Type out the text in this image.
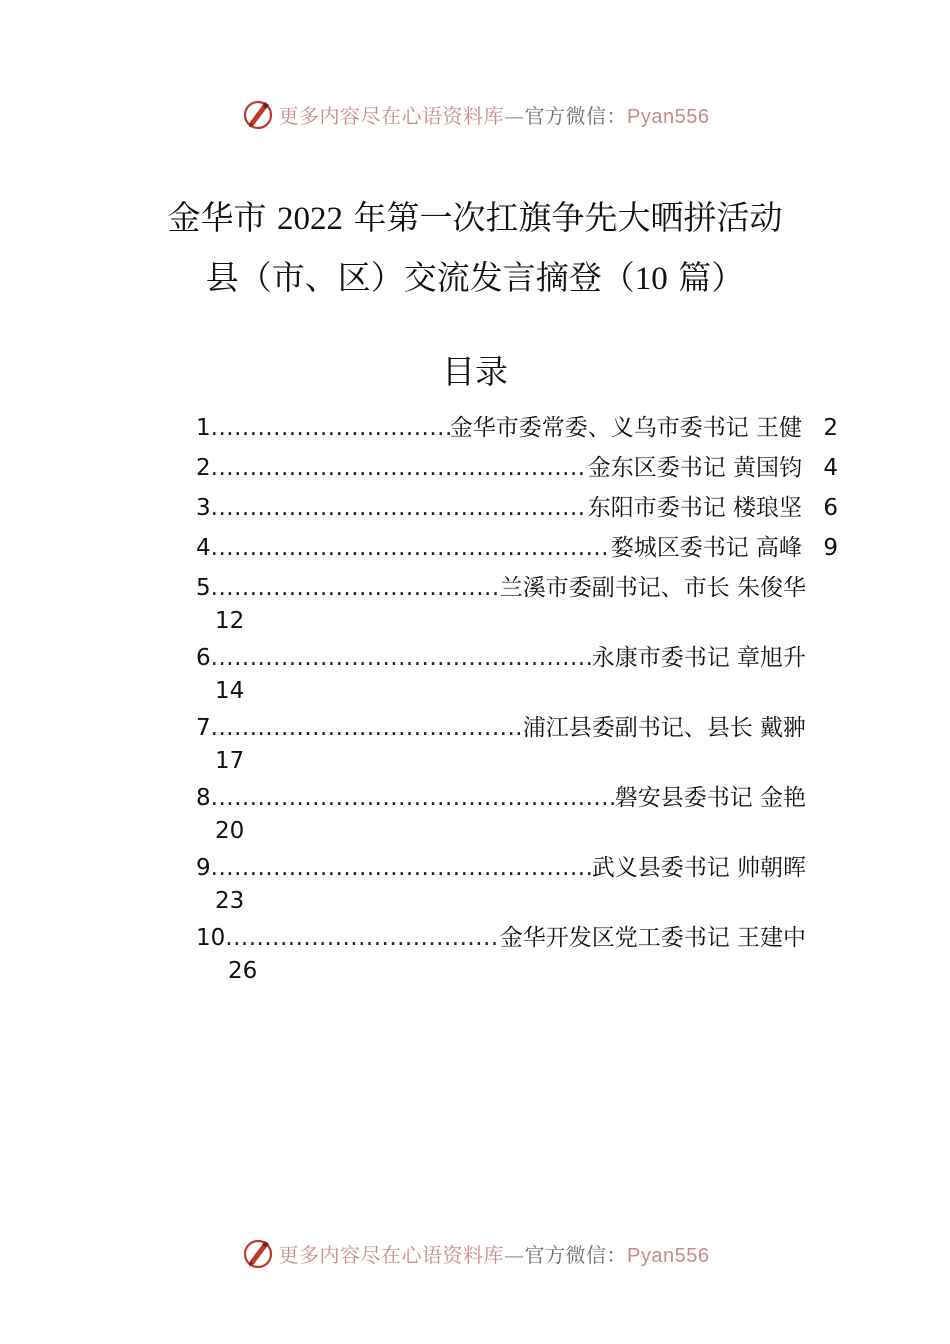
更多内容尽在心语资料库—官方微信：Pyan556
金华市 2022 年第一次扛旗争先大晒拼活动
县（市、区）交流发言摘登（10 篇）
目录
1 .....	金华市委常委、义乌市委书记 王健 2
2 .....	金东区委书记 黄国钧 4
3 .....	东阳市委书记 楼琅坚 6
4 .....	婺城区委书记 高峰 9
5 .....	兰溪市委副书记、市长 朱俊华
12
6 .....	永康市委书记 章旭升
14
7 .....	浦江县委副书记、县长 戴翀
17
8 .....	磐安县委书记 金艳
20
9 .....	武义县委书记 帅朝晖
23
10 .....	金华开发区党工委书记 王建中
26
更多内容尽在心语资料库—官方微信：Pyan556
